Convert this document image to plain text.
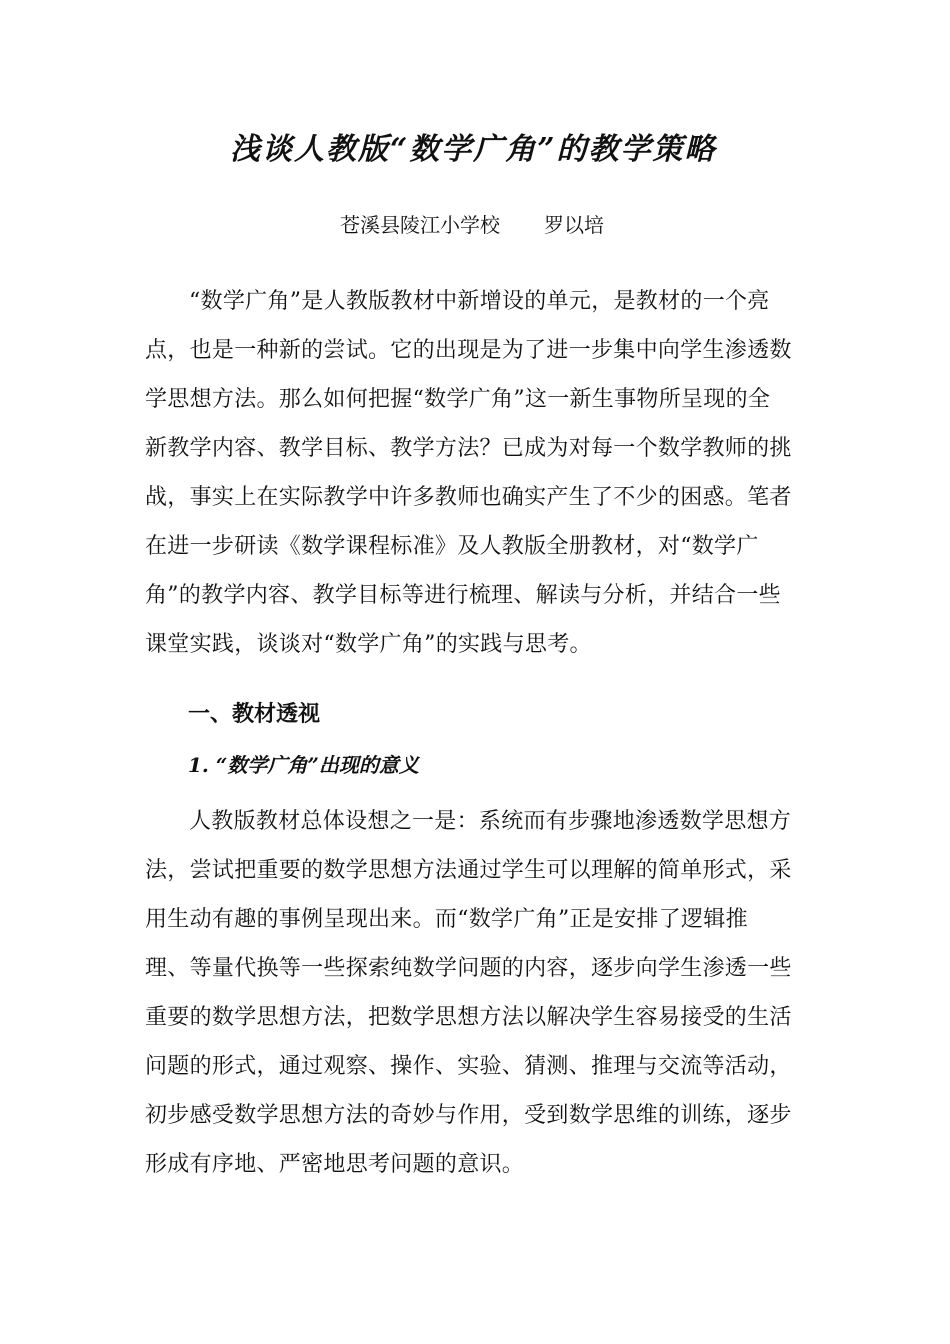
浅谈人教版“数学广角”的教学策略
苍溪县陵江小学校 罗以培
“数学广角”是人教版教材中新增设的单元，是教材的一个亮
点，也是一种新的尝试。它的出现是为了进一步集中向学生渗透数
学思想方法。那么如何把握“数学广角”这一新生事物所呈现的全
新教学内容、教学目标、教学方法？已成为对每一个数学教师的挑
战，事实上在实际教学中许多教师也确实产生了不少的困惑。笔者
在进一步研读《数学课程标准》及人教版全册教材，对“数学广
角”的教学内容、教学目标等进行梳理、解读与分析，并结合一些
课堂实践，谈谈对“数学广角”的实践与思考。
一、教材透视
1. “数学广角”出现的意义
人教版教材总体设想之一是：系统而有步骤地渗透数学思想方
法，尝试把重要的数学思想方法通过学生可以理解的简单形式，采
用生动有趣的事例呈现出来。而“数学广角”正是安排了逻辑推
理、等量代换等一些探索纯数学问题的内容，逐步向学生渗透一些
重要的数学思想方法，把数学思想方法以解决学生容易接受的生活
问题的形式，通过观察、操作、实验、猜测、推理与交流等活动，
初步感受数学思想方法的奇妙与作用，受到数学思维的训练，逐步
形成有序地、严密地思考问题的意识。
